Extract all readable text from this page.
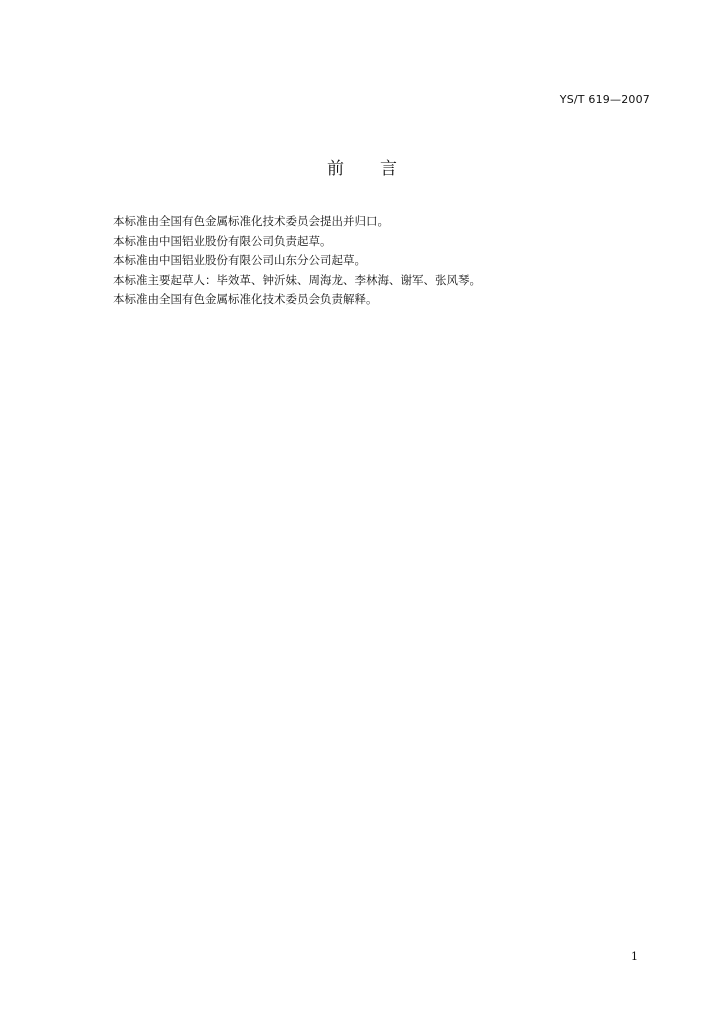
YS/T 619—2007
前言

本标准由全国有色金属标准化技术委员会提出并归口。

本标准由中国铝业股份有限公司负责起草。

本标准由中国铝业股份有限公司山东分公司起草。

本标准主要起草人：毕效革、钟沂妹、周海龙、李林海、谢军、张风琴。

本标准由全国有色金属标准化技术委员会负责解释。

1
